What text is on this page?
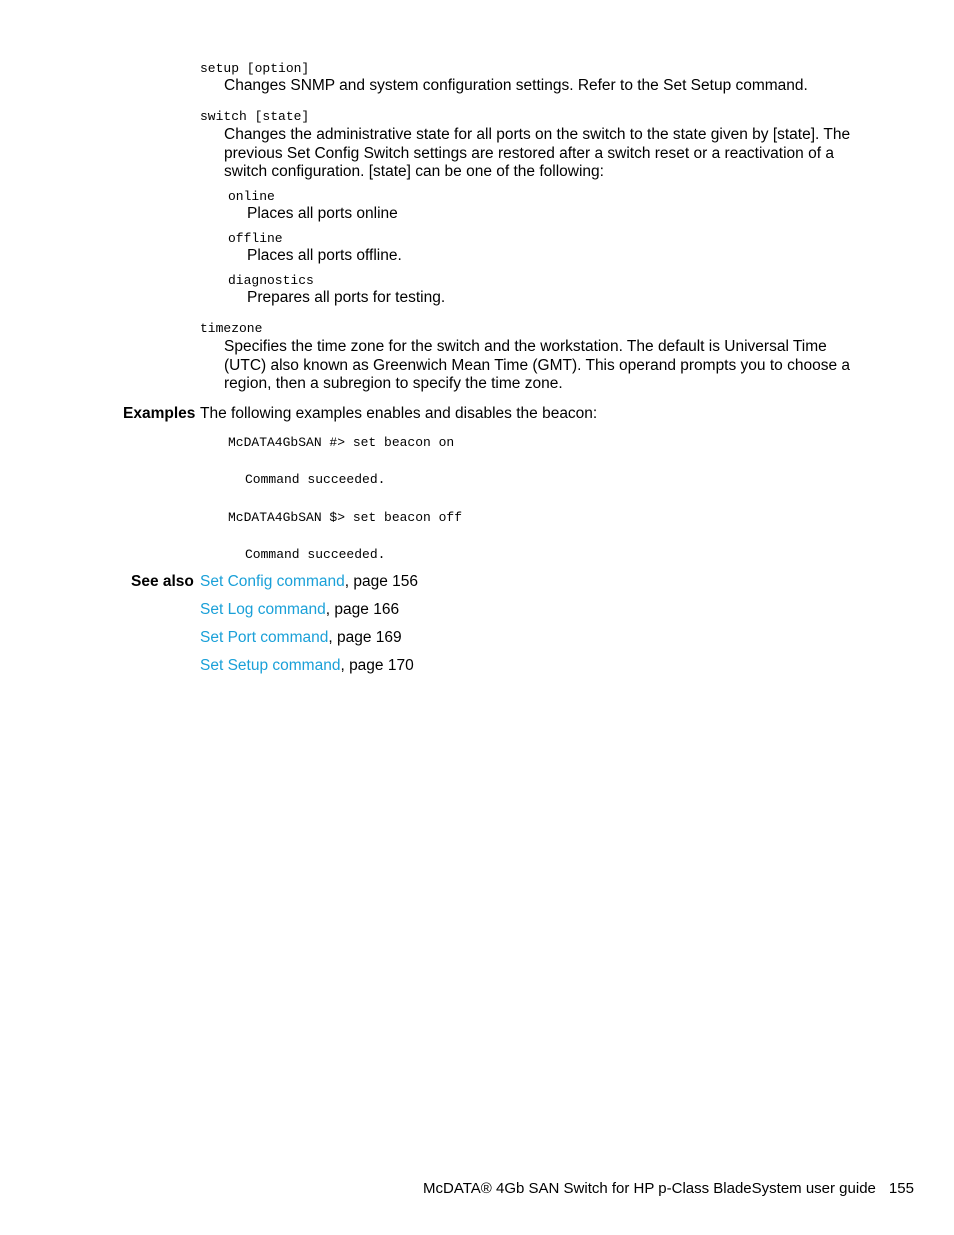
setup [option]
Changes SNMP and system configuration settings. Refer to the Set Setup command.
switch [state]
Changes the administrative state for all ports on the switch to the state given by [state]. The previous Set Config Switch settings are restored after a switch reset or a reactivation of a switch configuration. [state] can be one of the following:
online
Places all ports online
offline
Places all ports offline.
diagnostics
Prepares all ports for testing.
timezone
Specifies the time zone for the switch and the workstation. The default is Universal Time (UTC) also known as Greenwich Mean Time (GMT). This operand prompts you to choose a region, then a subregion to specify the time zone.
Examples The following examples enables and disables the beacon:
McDATA4GbSAN #> set beacon on
Command succeeded.
McDATA4GbSAN $> set beacon off
Command succeeded.
See also Set Config command, page 156
Set Log command, page 166
Set Port command, page 169
Set Setup command, page 170
McDATA® 4Gb SAN Switch for HP p-Class BladeSystem user guide 155
